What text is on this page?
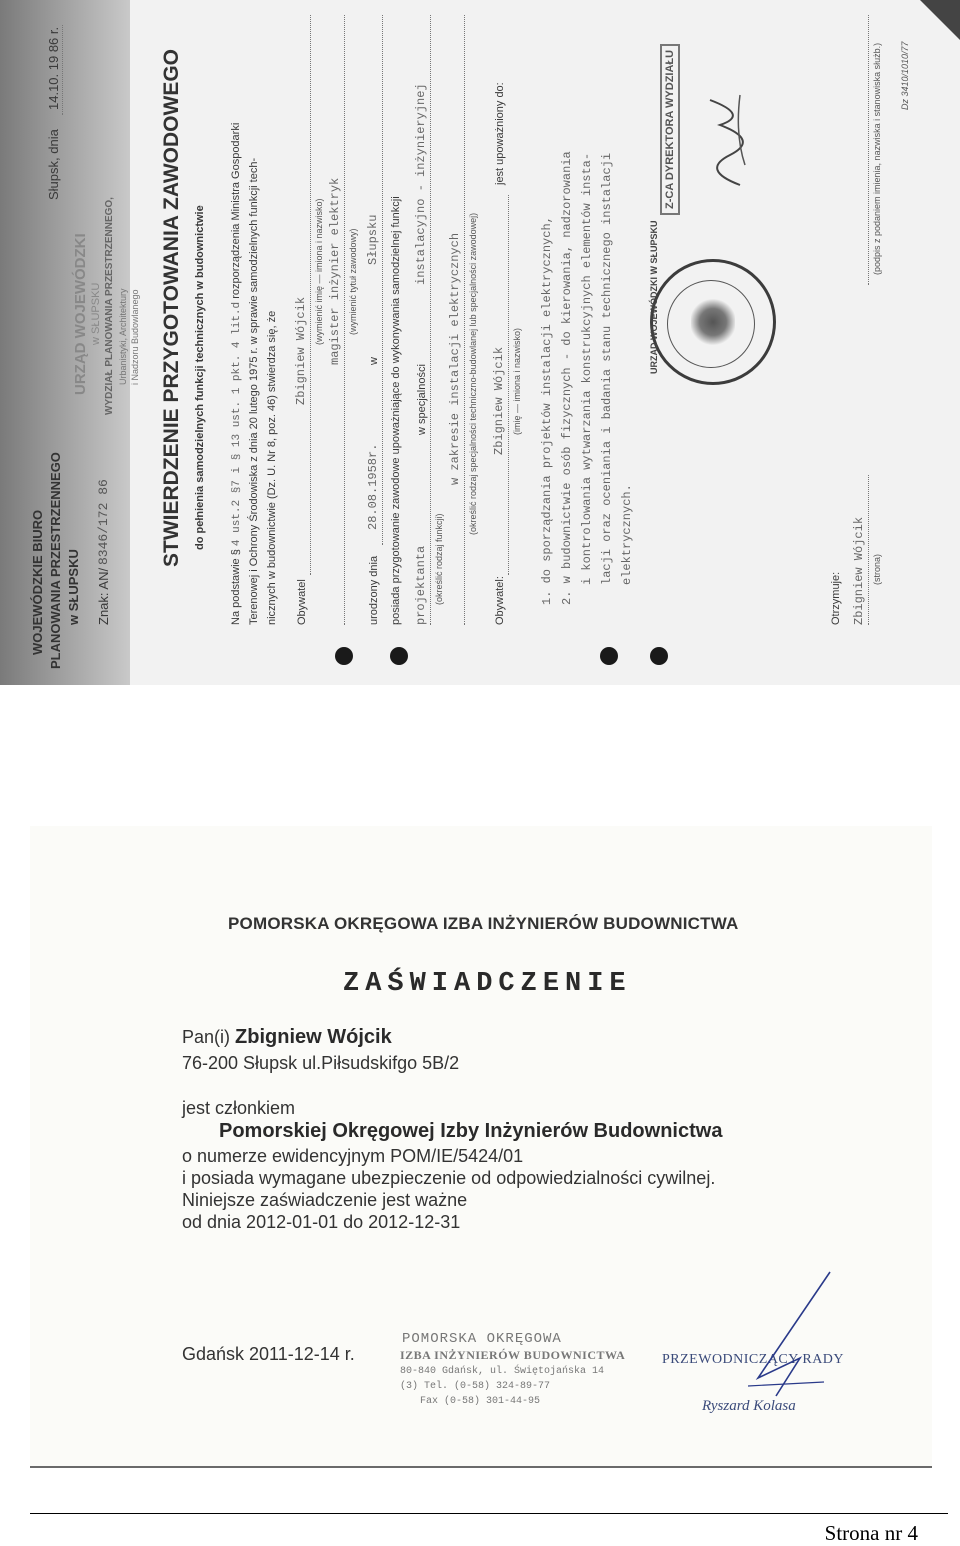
WOJEWÓDZKIE BIURO PLANOWANIA PRZESTRZENNEGO w SŁUPSKU Znak: AN/
8346/172 86
URZĄD WOJEWÓDZKI w SŁUPSKU WYDZIAŁ PLANOWANIA PRZESTRZENNEGO, Urbanistyki, Architektury i Nadzoru Budowlanego
Słupsk, dnia
14.10. 19 86 r.	STWIERDZENIE PRZYGOTOWANIA ZAWODOWEGO do pełnienia samodzielnych funkcji technicznych w budownictwie
Na podstawie § 4 ust.2 §7 i § 13 ust. 1 pkt. 4 lit.d rozporządzenia Ministra Gospodarki Terenowej i Ochrony Środowiska z dnia 20 lutego 1975 r. w sprawie samodzielnych funkcji tech- nicznych w budownictwie (Dz. U. Nr 8, poz. 46) stwierdza się, że Obywatel
Zbigniew Wójcik
(wymienić imię — imiona i nazwisko) magister inżynier elektryk (wymienić tytuł zawodowy)
urodzony dnia
28.08.1958r.
w
Słupsku posiada przygotowanie zawodowe upoważniające do wykonywania samodzielnej funkcji projektanta
w specjalności
instalacyjno - inżynieryjnej
(określić rodzaj funkcji)
w zakresie instalacji elektrycznych (określić rodzaj specjalności techniczno-budowlanej lub specjalności zawodowej)
Obywatel:
Zbigniew Wójcik
jest upoważniony do:
(imię — imiona i nazwisko) 1. do sporządzania projektów instalacji elektrycznych, 2. w budownictwie osób fizycznych - do kierowania, nadzorowania i kontrolowania wytwarzania konstrukcyjnych elementów insta- lacji oraz oceniania i badania stanu technicznego instalacji elektrycznych.
Otrzymuje: Zbigniew Wójcik (strona)
(podpis z podaniem imienia, nazwiska i stanowiska służb.) Dz 3410/1010/77
URZĄD WOJEWÓDZKI W SŁUPSKU
Z-CA DYREKTORA WYDZIAŁU
POMORSKA OKRĘGOWA IZBA INŻYNIERÓW BUDOWNICTWA
ZAŚWIADCZENIE
Pan(i) Zbigniew Wójcik
76-200 Słupsk ul.Piłsudskifgo 5B/2
jest członkiem
Pomorskiej Okręgowej Izby Inżynierów Budownictwa
o numerze ewidencyjnym POM/IE/5424/01
i posiada wymagane ubezpieczenie od odpowiedzialności cywilnej.
Niniejsze zaświadczenie jest ważne
od dnia 2012-01-01 do 2012-12-31
Gdańsk 2011-12-14 r.
POMORSKA OKRĘGOWA
IZBA INŻYNIERÓW BUDOWNICTWA
80-840 Gdańsk, ul. Świętojańska 14
(3) Tel. (0-58) 324-89-77
Fax (0-58) 301-44-95
PRZEWODNICZĄCY RADY
Ryszard Kolasa
Strona nr 4
